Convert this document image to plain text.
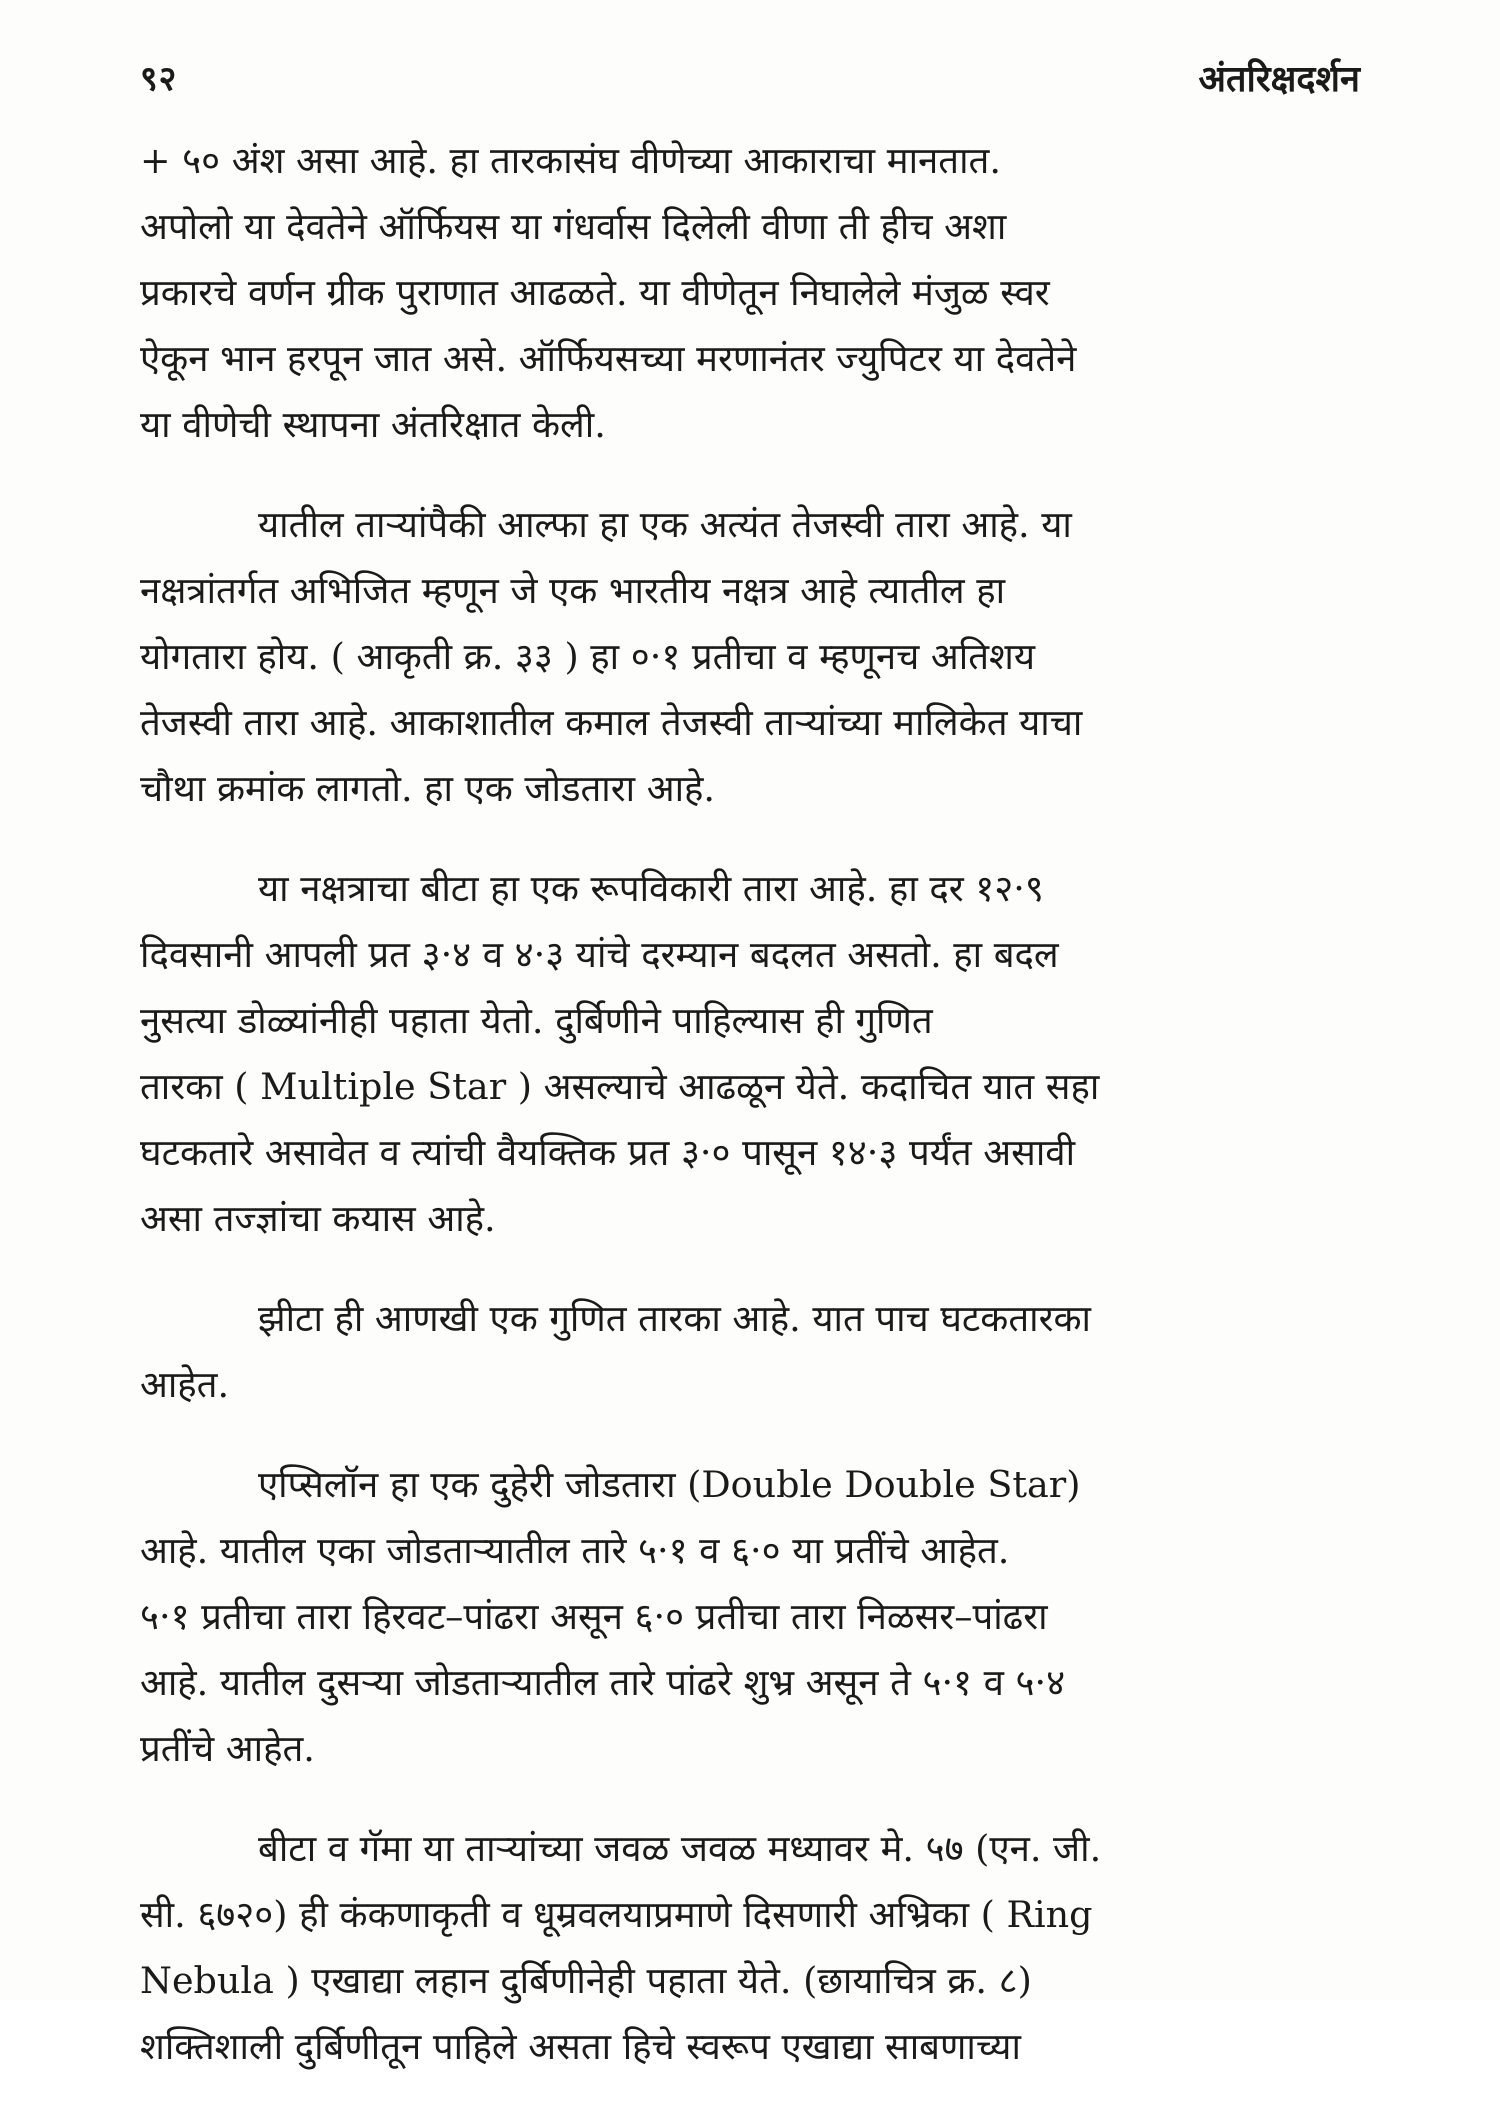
९२	अंतरिक्षदर्शन

+ ५० अंश असा आहे. हा तारकासंघ वीणेच्या आकाराचा मानतात.
अपोलो या देवतेने ऑर्फियस या गंधर्वास दिलेली वीणा ती हीच अशा
प्रकारचे वर्णन ग्रीक पुराणात आढळते. या वीणेतून निघालेले मंजुळ स्वर
ऐकून भान हरपून जात असे. ऑर्फियसच्या मरणानंतर ज्युपिटर या देवतेने
या वीणेची स्थापना अंतरिक्षात केली.

यातील ताऱ्यांपैकी आल्फा हा एक अत्यंत तेजस्वी तारा आहे. या
नक्षत्रांतर्गत अभिजित म्हणून जे एक भारतीय नक्षत्र आहे त्यातील हा
योगतारा होय. ( आकृती क्र. ३३ ) हा ०·१ प्रतीचा व म्हणूनच अतिशय
तेजस्वी तारा आहे. आकाशातील कमाल तेजस्वी ताऱ्यांच्या मालिकेत याचा
चौथा क्रमांक लागतो. हा एक जोडतारा आहे.

या नक्षत्राचा बीटा हा एक रूपविकारी तारा आहे. हा दर १२·९
दिवसानी आपली प्रत ३·४ व ४·३ यांचे दरम्यान बदलत असतो. हा बदल
नुसत्या डोळ्यांनीही पहाता येतो. दुर्बिणीने पाहिल्यास ही गुणित
तारका ( Multiple Star ) असल्याचे आढळून येते. कदाचित यात सहा
घटकतारे असावेत व त्यांची वैयक्तिक प्रत ३·० पासून १४·३ पर्यंत असावी
असा तज्ज्ञांचा कयास आहे.

झीटा ही आणखी एक गुणित तारका आहे. यात पाच घटकतारका
आहेत.

एप्सिलॉन हा एक दुहेरी जोडतारा (Double Double Star)
आहे. यातील एका जोडताऱ्यातील तारे ५·१ व ६·० या प्रतींचे आहेत.
५·१ प्रतीचा तारा हिरवट–पांढरा असून ६·० प्रतीचा तारा निळसर–पांढरा
आहे. यातील दुसऱ्या जोडताऱ्यातील तारे पांढरे शुभ्र असून ते ५·१ व ५·४
प्रतींचे आहेत.

बीटा व गॅमा या ताऱ्यांच्या जवळ जवळ मध्यावर मे. ५७ (एन. जी.
सी. ६७२०) ही कंकणाकृती व धूम्रवलयाप्रमाणे दिसणारी अभ्रिका ( Ring
Nebula ) एखाद्या लहान दुर्बिणीनेही पहाता येते. (छायाचित्र क्र. ८)
शक्तिशाली दुर्बिणीतून पाहिले असता हिचे स्वरूप एखाद्या साबणाच्या
